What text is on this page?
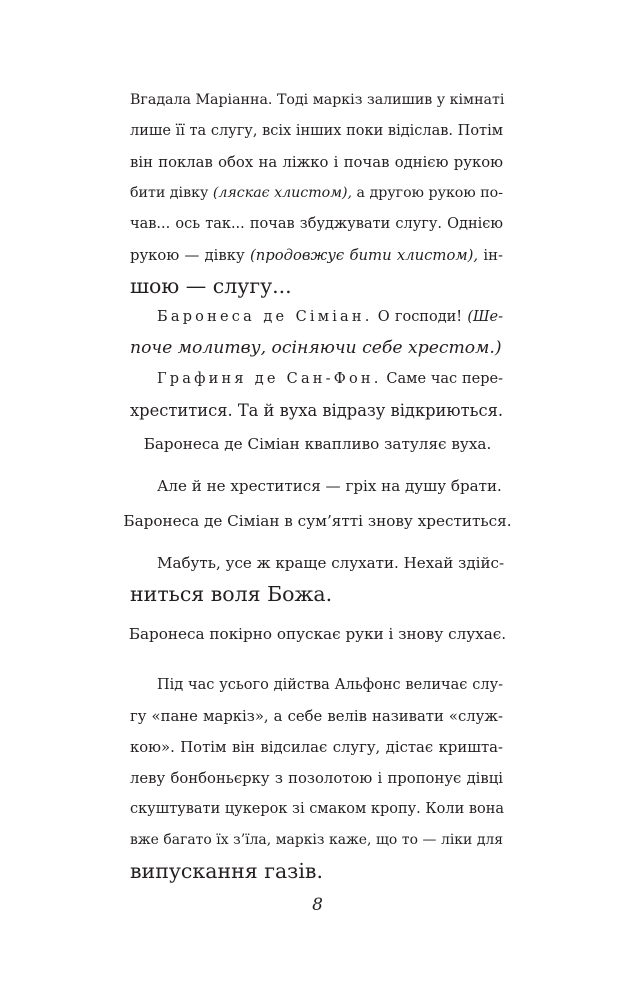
Вгадала Маріанна. Тоді маркіз залишив у кімнаті
лише її та слугу, всіх інших поки відіслав. Потім
він поклав обох на ліжко і почав однією рукою
бити дівку (ляскає хлистом), а другою рукою по-
чав... ось так... почав збуджувати слугу. Однією
рукою — дівку (продовжує бити хлистом), ін-
шою — слугу...
Баронеса де Сіміан. О господи! (Ше-
поче молитву, осіняючи себе хрестом.)
Графиня де Сан-Фон. Саме час пере-
хреститися. Та й вуха відразу відкриються.
Баронеса де Сіміан квапливо затуляє вуха.
Але й не хреститися — гріх на душу брати.
Баронеса де Сіміан в сум’ятті знову хреститься.
Мабуть, усе ж краще слухати. Нехай здійс-
ниться воля Божа.
Баронеса покірно опускає руки і знову слухає.
Під час усього дійства Альфонс величає слу-
гу «пане маркіз», а себе велів називати «служ-
кою». Потім він відсилає слугу, дістає кришта-
леву бонбоньєрку з позолотою і пропонує дівці
скуштувати цукерок зі смаком кропу. Коли вона
вже багато їх з’їла, маркіз каже, що то — ліки для
випускання газів.
8
